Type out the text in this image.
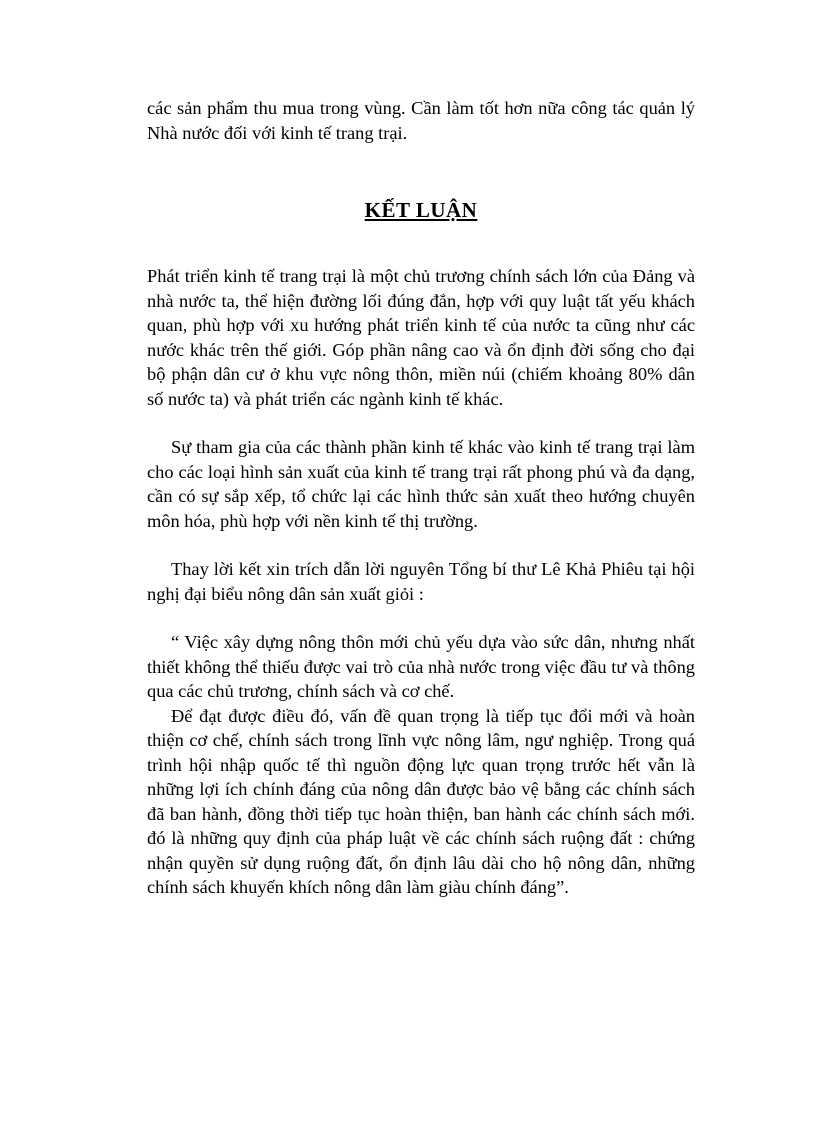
các sản phẩm thu mua trong vùng. Cần làm tốt hơn nữa công tác quản lý Nhà nước đối với kinh tế trang trại.

KẾT LUẬN

Phát triển kinh tế trang trại là một chủ trương chính sách lớn của Đảng và nhà nước ta, thể hiện đường lối đúng đắn, hợp với quy luật tất yếu khách quan, phù hợp với xu hướng phát triển kinh tế của nước ta cũng như các nước khác trên thế giới. Góp phần nâng cao và ổn định đời sống cho đại bộ phận dân cư ở khu vực nông thôn, miền núi (chiếm khoảng 80% dân số nước ta) và phát triển các ngành kinh tế khác.

Sự tham gia của các thành phần kinh tế khác vào kinh tế trang trại làm cho các loại hình sản xuất của kinh tế trang trại rất phong phú và đa dạng, cần có sự sắp xếp, tổ chức lại các hình thức sản xuất theo hướng chuyên môn hóa, phù hợp với nền kinh tế thị trường.

Thay lời kết xin trích dẫn lời nguyên Tổng bí thư Lê Khả Phiêu tại hội nghị đại biểu nông dân sản xuất giỏi :

“ Việc xây dựng nông thôn mới chủ yếu dựa vào sức dân, nhưng nhất thiết không thể thiếu được vai trò của nhà nước trong việc đầu tư và thông qua các chủ trương, chính sách và cơ chế.

Để đạt được điều đó, vấn đề quan trọng là tiếp tục đổi mới và hoàn thiện cơ chế, chính sách trong lĩnh vực nông lâm, ngư nghiệp. Trong quá trình hội nhập quốc tế thì nguồn động lực quan trọng trước hết vẫn là những lợi ích chính đáng của nông dân được bảo vệ bằng các chính sách đã ban hành, đồng thời tiếp tục hoàn thiện, ban hành các chính sách mới. đó là những quy định của pháp luật về các chính sách ruộng đất : chứng nhận quyền sử dụng ruộng đất, ổn định lâu dài cho hộ nông dân, những chính sách khuyến khích nông dân làm giàu chính đáng”.
